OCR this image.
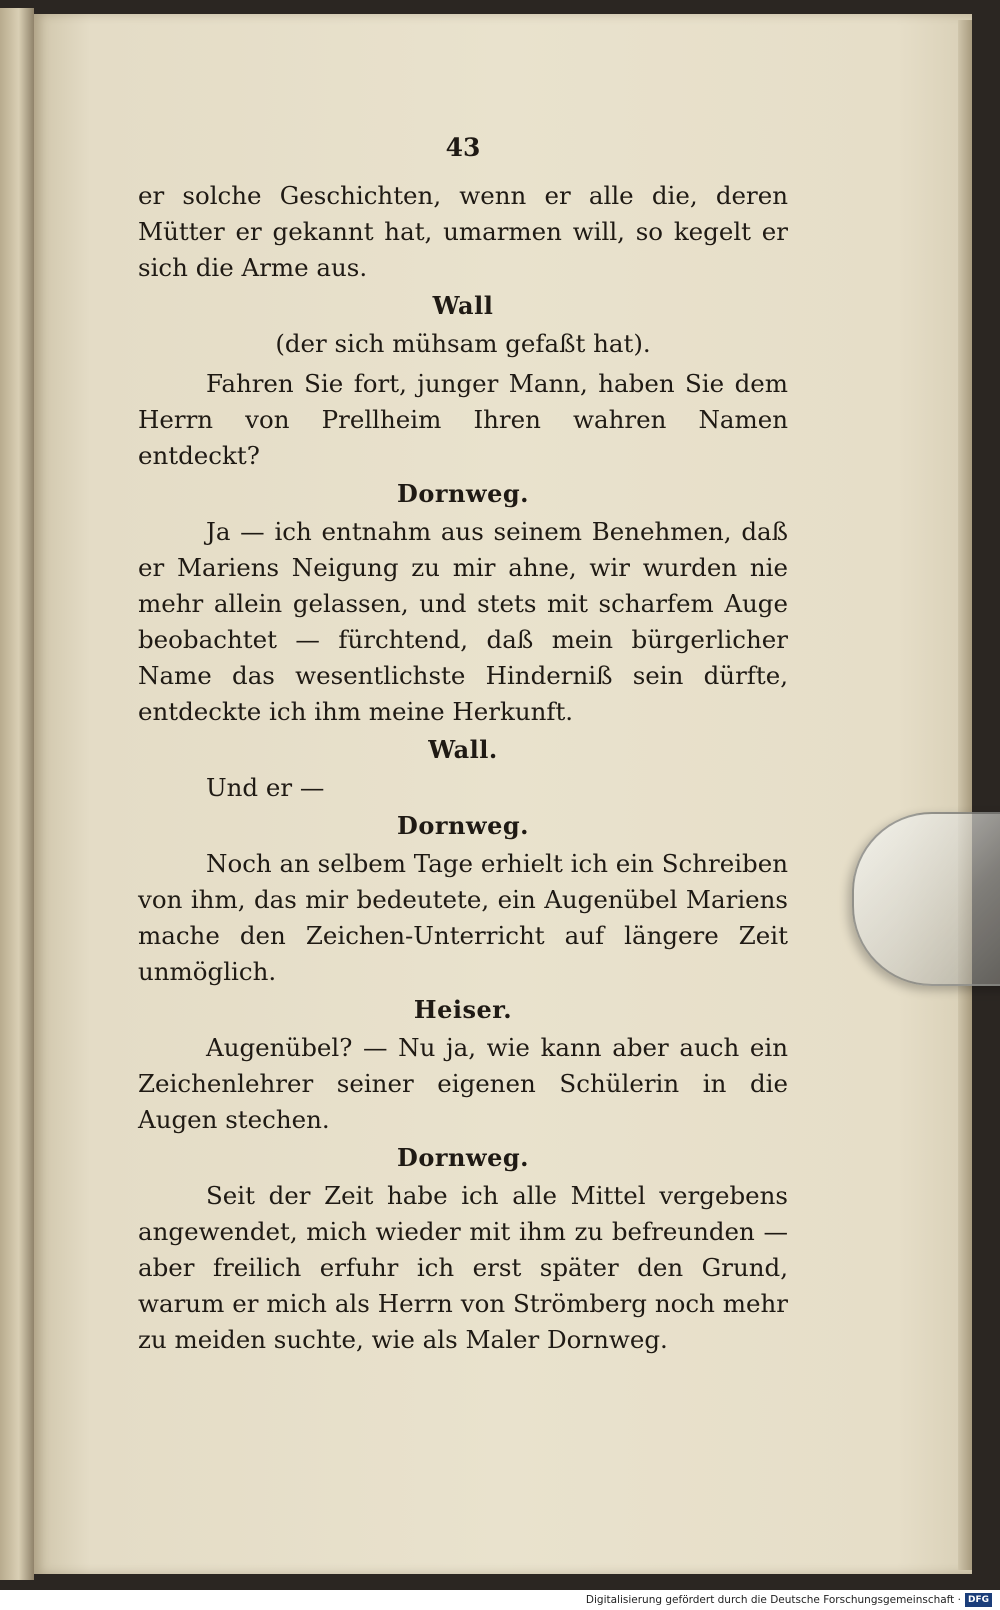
43
er solche Geschichten, wenn er alle die, deren Mütter er gekannt hat, umarmen will, so kegelt er sich die Arme aus.
Wall
(der sich mühsam gefaßt hat).
Fahren Sie fort, junger Mann, haben Sie dem Herrn von Prellheim Ihren wahren Namen entdeckt?
Dornweg.
Ja — ich entnahm aus seinem Benehmen, daß er Mariens Neigung zu mir ahne, wir wurden nie mehr allein gelassen, und stets mit scharfem Auge beobachtet — fürchtend, daß mein bürgerlicher Name das wesentlichste Hinderniß sein dürfte, entdeckte ich ihm meine Herkunft.
Wall.
Und er —
Dornweg.
Noch an selbem Tage erhielt ich ein Schreiben von ihm, das mir bedeutete, ein Augenübel Mariens mache den Zeichen-Unterricht auf längere Zeit unmöglich.
Heiser.
Augenübel? — Nu ja, wie kann aber auch ein Zeichenlehrer seiner eigenen Schülerin in die Augen stechen.
Dornweg.
Seit der Zeit habe ich alle Mittel vergebens angewendet, mich wieder mit ihm zu befreunden — aber freilich erfuhr ich erst später den Grund, warum er mich als Herrn von Strömberg noch mehr zu meiden suchte, wie als Maler Dornweg.
Digitalisierung gefördert durch die Deutsche Forschungsgemeinschaft · DFG
